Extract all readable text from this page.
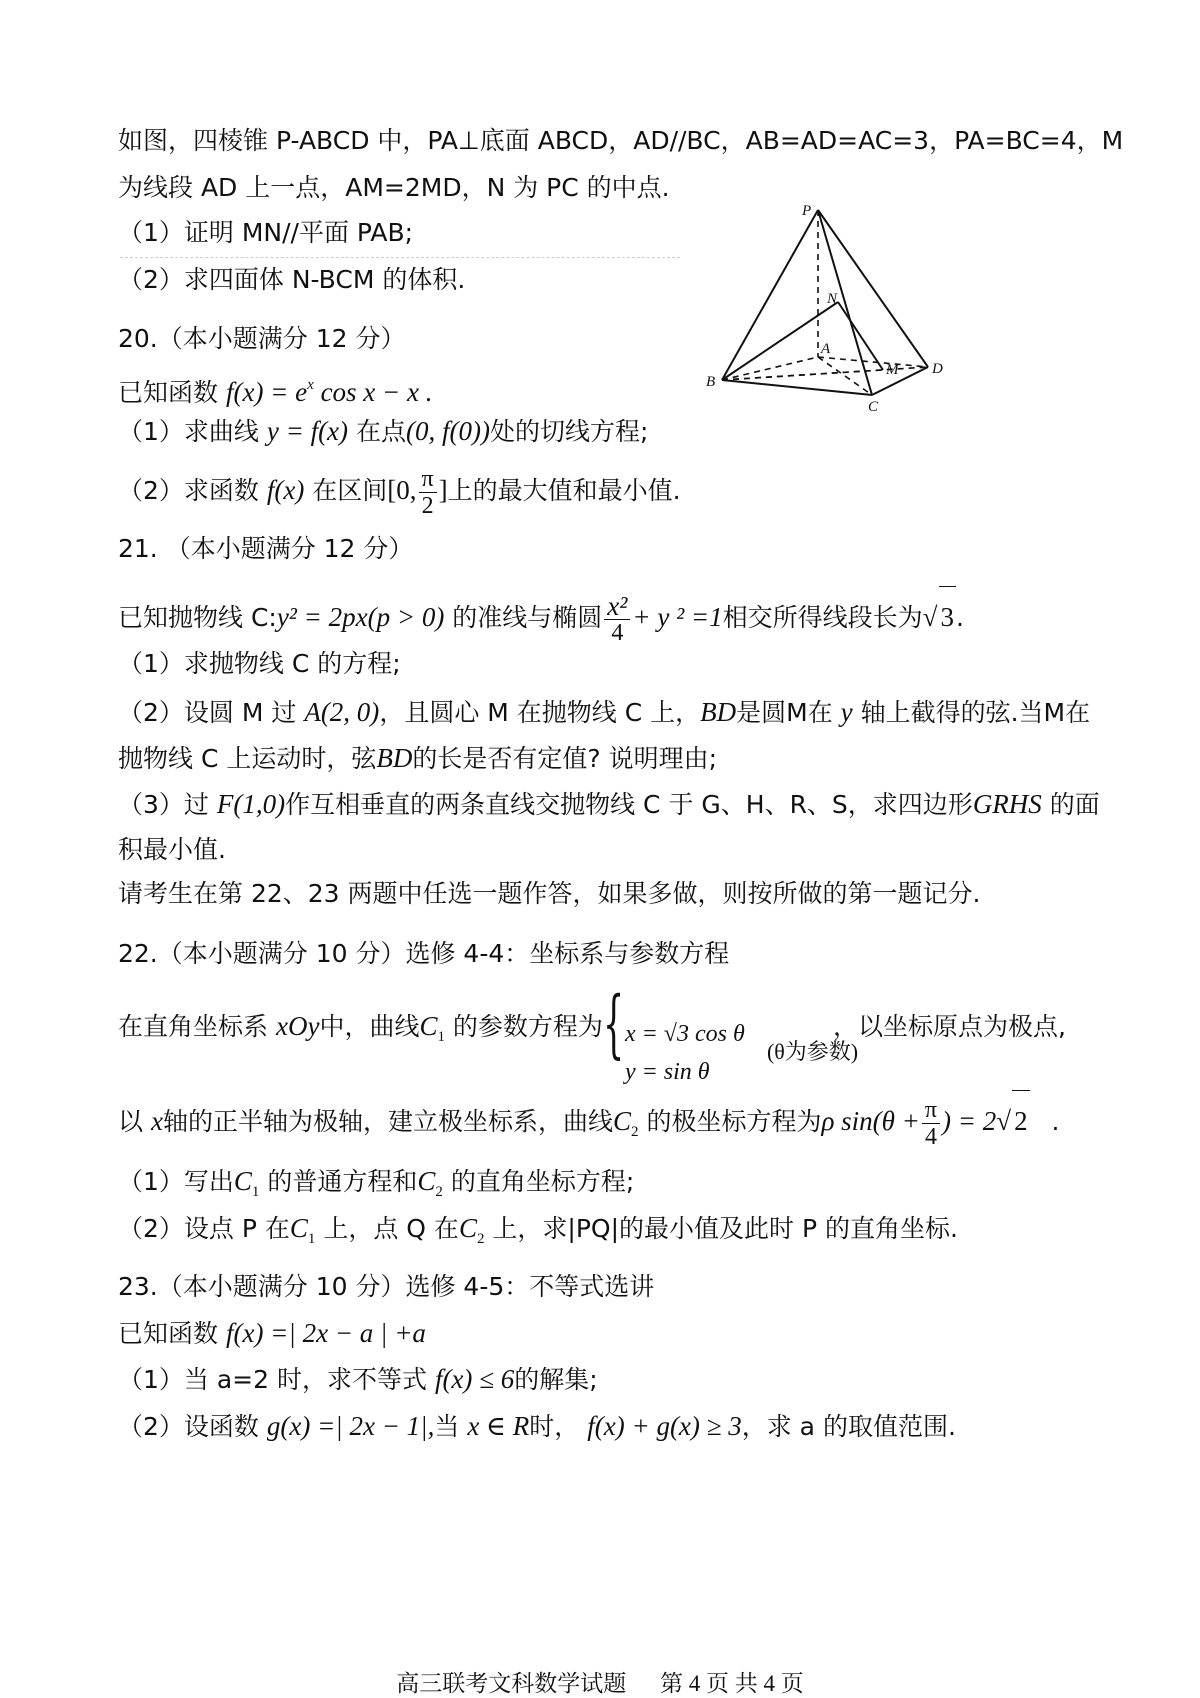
如图，四棱锥 P-ABCD 中，PA⊥底面 ABCD，AD//BC，AB=AD=AC=3，PA=BC=4，M
为线段 AD 上一点，AM=2MD，N 为 PC 的中点.
（1）证明 MN//平面 PAB;
（2）求四面体 N-BCM 的体积.
P
N
A
M D
B
C
20.（本小题满分 12 分）
已知函数 $f(x) = e^x$ cos x − x .
（1）求曲线 y = f(x) 在点(0, f(0))处的切线方程;
（2）求函数 f(x) 在区间[0, $\frac{\pi}{2}$ ]上的最大值和最小值.
21. （本小题满分 12 分）
已知抛物线 C:y² = 2px(p > 0) 的准线与椭圆 $\frac{\text{x²}}{4} + y$ ² =1相交所得线段长为√ 3.
（1）求抛物线 C 的方程;
（2）设圆 M 过 A(2, 0)，且圆心 M 在抛物线 C 上，BD是圆M在 y 轴上截得的弦.当M在
抛物线 C 上运动时，弦BD的长是否有定值? 说明理由;
（3）过 F(1,0)作互相垂直的两条直线交抛物线 C 于 G、H、R、S，求四边形GRHS 的面
积最小值.
请考生在第 22、23 两题中任选一题作答，如果多做，则按所做的第一题记分.
22.（本小题满分 10 分）选修 4-4：坐标系与参数方程
在直角坐标系 xOy中，曲线$C_1$ 的参数方程为 { x = √3 cos θ
y = sin θ
(θ为参数)
，以坐标原点为极点,
以 x轴的正半轴为极轴，建立极坐标系，曲线$C_2$ 的极坐标方程为ρ $\sin(\theta + \frac{\pi}{4}$ ) = 2√ 2 .
（1）写出$C_1$ 的普通方程和$C_2$ 的直角坐标方程;
（2）设点 P 在$C_1$ 上，点 Q 在$C_2$ 上，求|PQ|的最小值及此时 P 的直角坐标.
23.（本小题满分 10 分）选修 4-5：不等式选讲
已知函数 f(x) =| 2x − a | +a
（1）当 a=2 时，求不等式 f(x) ≤ 6的解集;
（2）设函数 g(x) =| 2x − 1|,当 x ∈ R时， f(x) + g(x) ≥ 3，求 a 的取值范围.
高三联考文科数学试题 第 4 页 共 4 页
